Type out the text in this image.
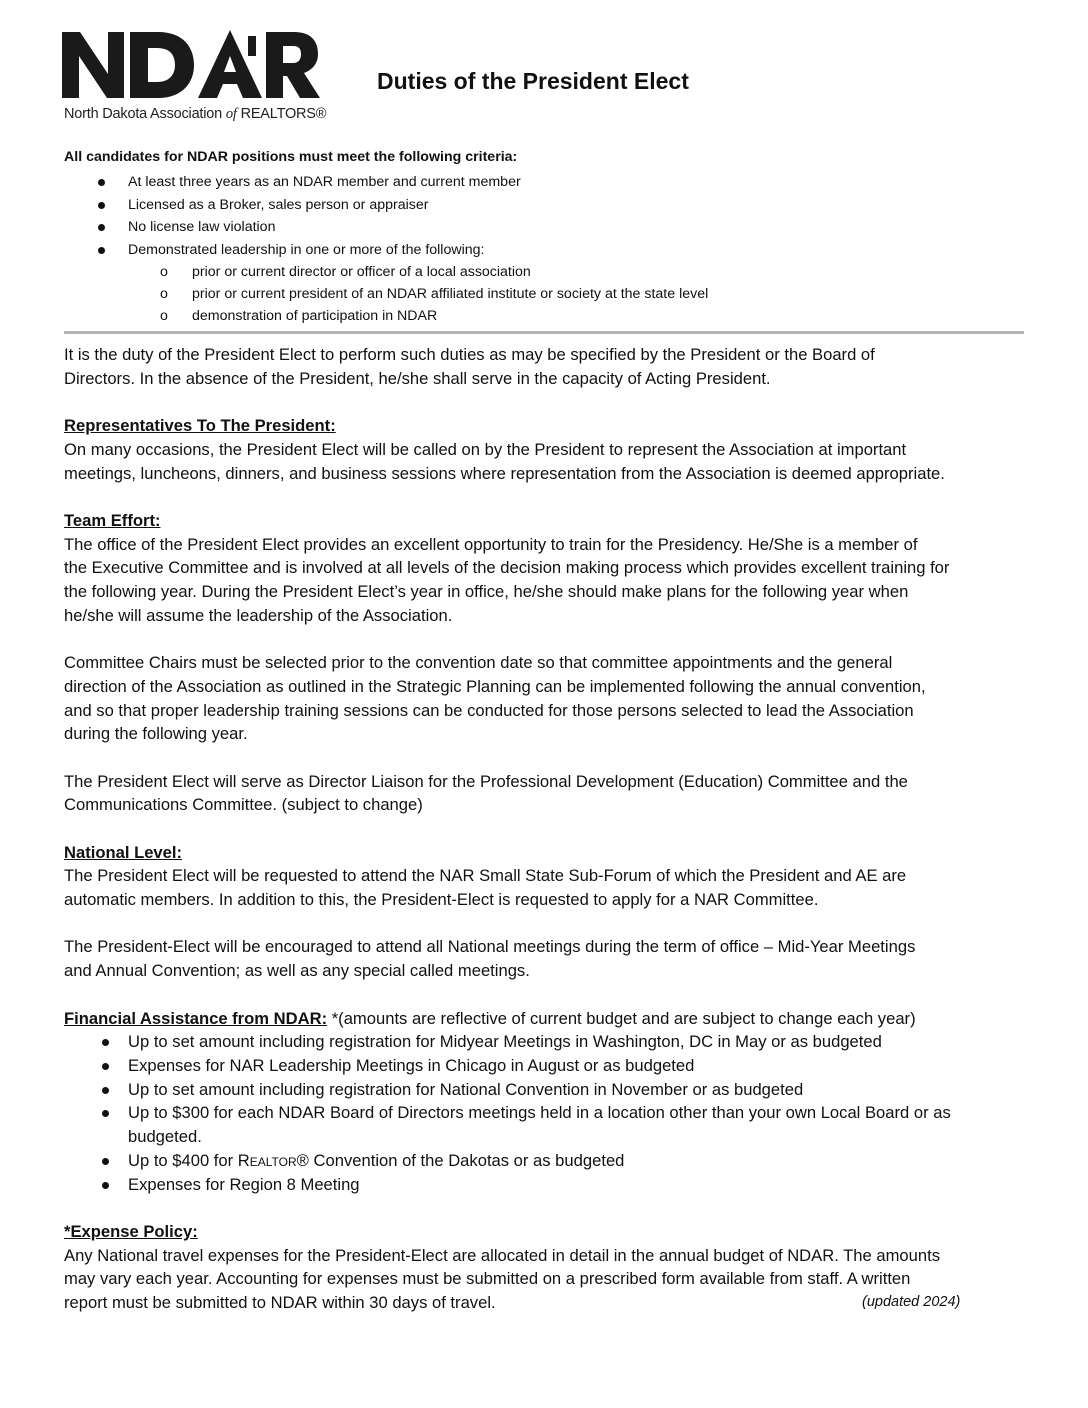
North Dakota Association of REALTORS®
Duties of the President Elect
All candidates for NDAR positions must meet the following criteria:
At least three years as an NDAR member and current member
Licensed as a Broker, sales person or appraiser
No license law violation
Demonstrated leadership in one or more of the following:
o prior or current director or officer of a local association
o prior or current president of an NDAR affiliated institute or society at the state level
o demonstration of participation in NDAR

It is the duty of the President Elect to perform such duties as may be specified by the President or the Board of

Directors. In the absence of the President, he/she shall serve in the capacity of Acting President.

Representatives To The President:

On many occasions, the President Elect will be called on by the President to represent the Association at important

meetings, luncheons, dinners, and business sessions where representation from the Association is deemed appropriate.

Team Effort:

The office of the President Elect provides an excellent opportunity to train for the Presidency. He/She is a member of

the Executive Committee and is involved at all levels of the decision making process which provides excellent training for

the following year. During the President Elect’s year in office, he/she should make plans for the following year when

he/she will assume the leadership of the Association.

Committee Chairs must be selected prior to the convention date so that committee appointments and the general

direction of the Association as outlined in the Strategic Planning can be implemented following the annual convention,

and so that proper leadership training sessions can be conducted for those persons selected to lead the Association

during the following year.

The President Elect will serve as Director Liaison for the Professional Development (Education) Committee and the

Communications Committee. (subject to change)

National Level:

The President Elect will be requested to attend the NAR Small State Sub-Forum of which the President and AE are

automatic members. In addition to this, the President-Elect is requested to apply for a NAR Committee.

The President-Elect will be encouraged to attend all National meetings during the term of office – Mid-Year Meetings

and Annual Convention; as well as any special called meetings.

Financial Assistance from NDAR: *(amounts are reflective of current budget and are subject to change each year)

Up to set amount including registration for Midyear Meetings in Washington, DC in May or as budgeted
Expenses for NAR Leadership Meetings in Chicago in August or as budgeted
Up to set amount including registration for National Convention in November or as budgeted
Up to $300 for each NDAR Board of Directors meetings held in a location other than your own Local Board or as
budgeted.
Up to $400 for Realtor® Convention of the Dakotas or as budgeted
Expenses for Region 8 Meeting

*Expense Policy:

Any National travel expenses for the President-Elect are allocated in detail in the annual budget of NDAR. The amounts

may vary each year. Accounting for expenses must be submitted on a prescribed form available from staff. A written

report must be submitted to NDAR within 30 days of travel.	(updated 2024)
